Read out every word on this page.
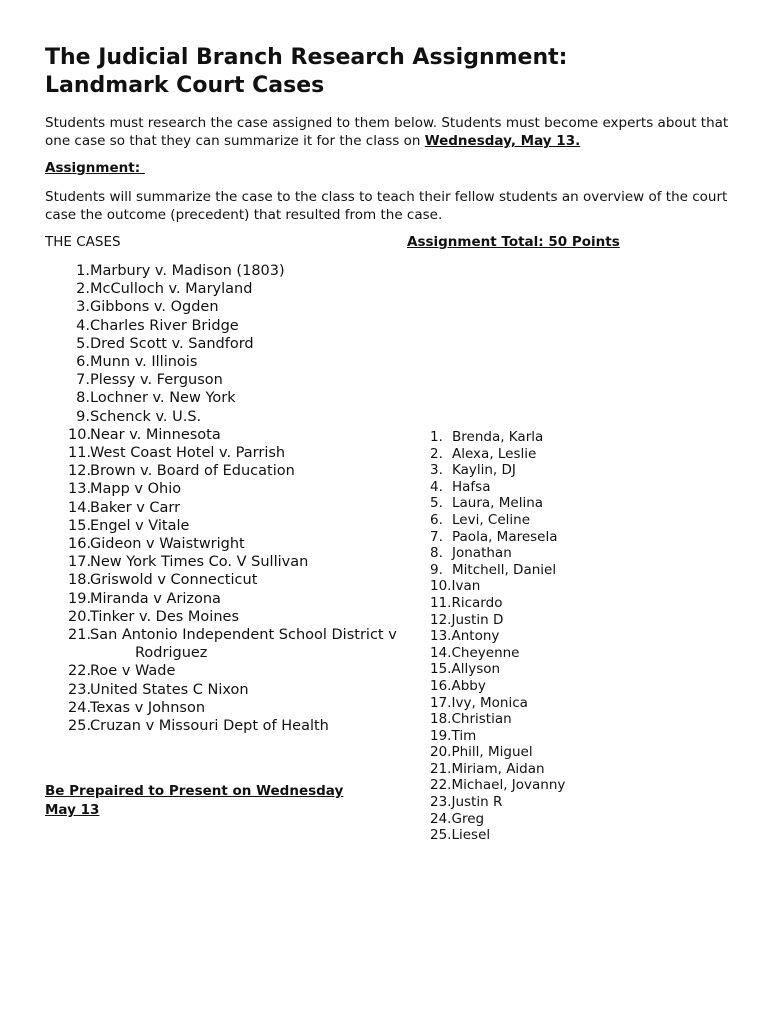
The Judicial Branch Research Assignment:
Landmark Court Cases

Students must research the case assigned to them below. Students must become experts about that one case so that they can summarize it for the class on Wednesday, May 13.

Assignment:

Students will summarize the case to the class to teach their fellow students an overview of the court case the outcome (precedent) that resulted from the case.

THE CASES	Assignment Total: 50 Points
1. Marbury v. Madison (1803)
2. McCulloch v. Maryland
3. Gibbons v. Ogden
4. Charles River Bridge
5. Dred Scott v. Sandford
6. Munn v. Illinois
7. Plessy v. Ferguson
8. Lochner v. New York
9. Schenck v. U.S.
10.
Near v. Minnesota
11.
West Coast Hotel v. Parrish
12.
Brown v. Board of Education
13.
Mapp v Ohio
14.
Baker v Carr
15.
Engel v Vitale
16.
Gideon v Waistwright
17.
New York Times Co. V Sullivan
18.
Griswold v Connecticut
19.
Miranda v Arizona
20.
Tinker v. Des Moines
21.
San Antonio Independent School District v Rodriguez
22.
Roe v Wade
23.
United States C Nixon
24.
Texas v Johnson
25.
Cruzan v Missouri Dept of Health
1. Brenda, Karla
2. Alexa, Leslie
3. Kaylin, DJ
4. Hafsa
5. Laura, Melina
6. Levi, Celine
7. Paola, Maresela
8. Jonathan
9. Mitchell, Daniel
10.Ivan
11.Ricardo
12.Justin D
13.Antony
14.Cheyenne
15.Allyson
16.Abby
17.Ivy, Monica
18.Christian
19.Tim
20.Phill, Miguel
21.Miriam, Aidan
22.Michael, Jovanny
23.Justin R
24.Greg
25.Liesel

Be Prepaired to Present on Wednesday
May 13
